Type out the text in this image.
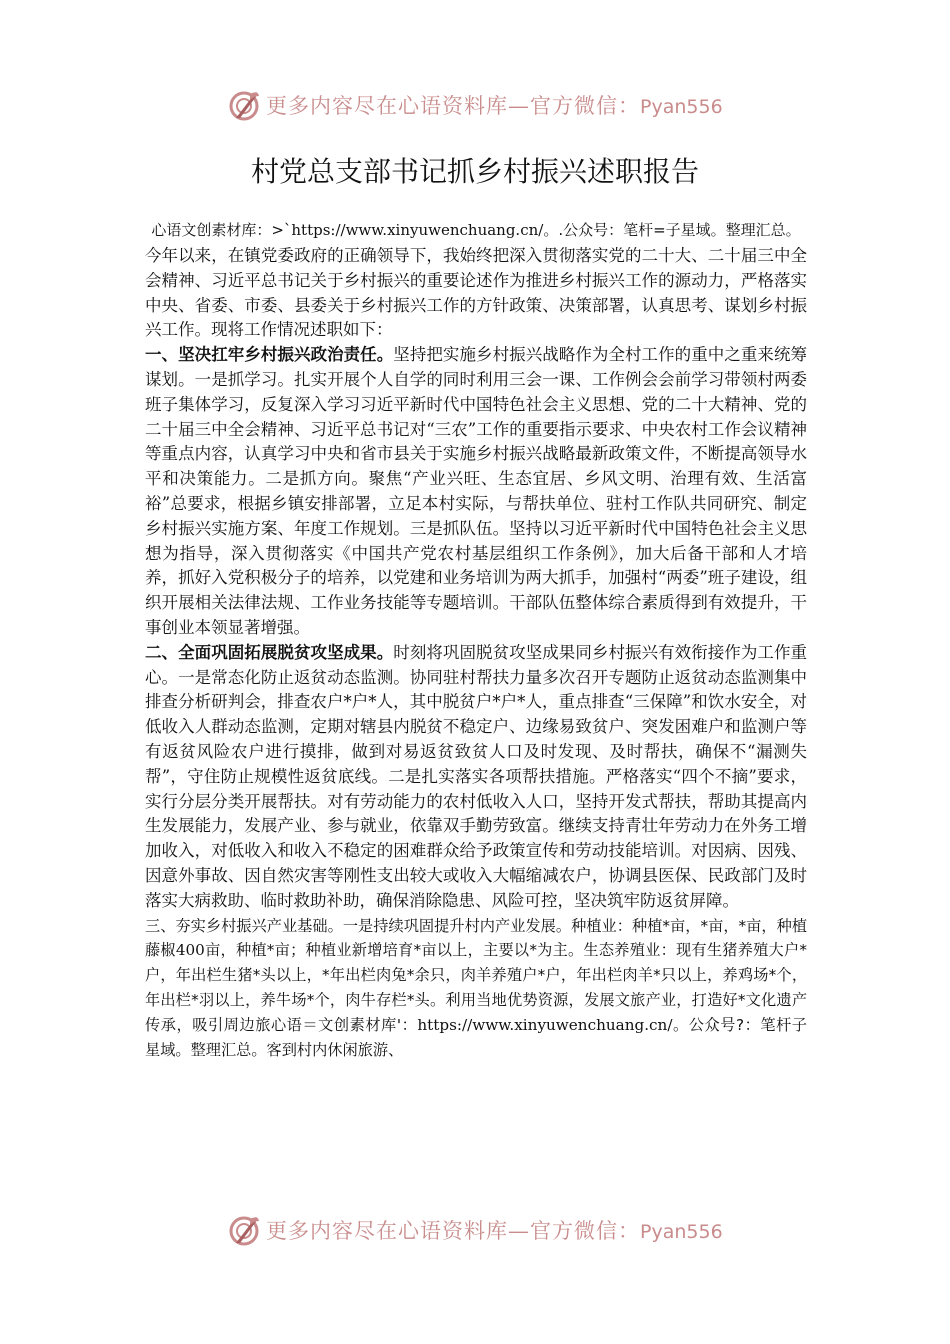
更多内容尽在心语资料库—官方微信：Pyan556
村党总支部书记抓乡村振兴述职报告
心语文创素材库：>`https://www.xinyuwenchuang.cn/。.公众号：笔杆=子星域。整理汇总。

今年以来，在镇党委政府的正确领导下，我始终把深入贯彻落实党的二十大、二十届三中全会精神、习近平总书记关于乡村振兴的重要论述作为推进乡村振兴工作的源动力，严格落实中央、省委、市委、县委关于乡村振兴工作的方针政策、决策部署，认真思考、谋划乡村振兴工作。现将工作情况述职如下：

一、坚决扛牢乡村振兴政治责任。坚持把实施乡村振兴战略作为全村工作的重中之重来统筹谋划。一是抓学习。扎实开展个人自学的同时利用三会一课、工作例会会前学习带领村两委班子集体学习，反复深入学习习近平新时代中国特色社会主义思想、党的二十大精神、党的二十届三中全会精神、习近平总书记对“三农”工作的重要指示要求、中央农村工作会议精神等重点内容，认真学习中央和省市县关于实施乡村振兴战略最新政策文件，不断提高领导水平和决策能力。二是抓方向。聚焦“产业兴旺、生态宜居、乡风文明、治理有效、生活富裕”总要求，根据乡镇安排部署，立足本村实际，与帮扶单位、驻村工作队共同研究、制定乡村振兴实施方案、年度工作规划。三是抓队伍。坚持以习近平新时代中国特色社会主义思想为指导，深入贯彻落实《中国共产党农村基层组织工作条例》，加大后备干部和人才培养，抓好入党积极分子的培养，以党建和业务培训为两大抓手，加强村“两委”班子建设，组织开展相关法律法规、工作业务技能等专题培训。干部队伍整体综合素质得到有效提升，干事创业本领显著增强。

二、全面巩固拓展脱贫攻坚成果。时刻将巩固脱贫攻坚成果同乡村振兴有效衔接作为工作重心。一是常态化防止返贫动态监测。协同驻村帮扶力量多次召开专题防止返贫动态监测集中排查分析研判会，排查农户*户*人，其中脱贫户*户*人，重点排查“三保障”和饮水安全，对低收入人群动态监测，定期对辖县内脱贫不稳定户、边缘易致贫户、突发困难户和监测户等有返贫风险农户进行摸排，做到对易返贫致贫人口及时发现、及时帮扶，确保不“漏测失帮”，守住防止规模性返贫底线。二是扎实落实各项帮扶措施。严格落实“四个不摘”要求，实行分层分类开展帮扶。对有劳动能力的农村低收入人口，坚持开发式帮扶，帮助其提高内生发展能力，发展产业、参与就业，依靠双手勤劳致富。继续支持青壮年劳动力在外务工增加收入，对低收入和收入不稳定的困难群众给予政策宣传和劳动技能培训。对因病、因残、因意外事故、因自然灾害等刚性支出较大或收入大幅缩减农户，协调县医保、民政部门及时落实大病救助、临时救助补助，确保消除隐患、风险可控，坚决筑牢防返贫屏障。

三、夯实乡村振兴产业基础。一是持续巩固提升村内产业发展。种植业：种植*亩，*亩，*亩，种植藤椒400亩，种植*亩；种植业新增培育*亩以上，主要以*为主。生态养殖业：现有生猪养殖大户*户，年出栏生猪*头以上，*年出栏肉兔*余只，肉羊养殖户*户，年出栏肉羊*只以上，养鸡场*个，年出栏*羽以上，养牛场*个，肉牛存栏*头。利用当地优势资源，发展文旅产业，打造好*文化遗产传承，吸引周边旅心语＝文创素材库'：https://www.xinyuwenchuang.cn/。公众号?：笔杆子星域。整理汇总。客到村内休闲旅游、

更多内容尽在心语资料库—官方微信：Pyan556
